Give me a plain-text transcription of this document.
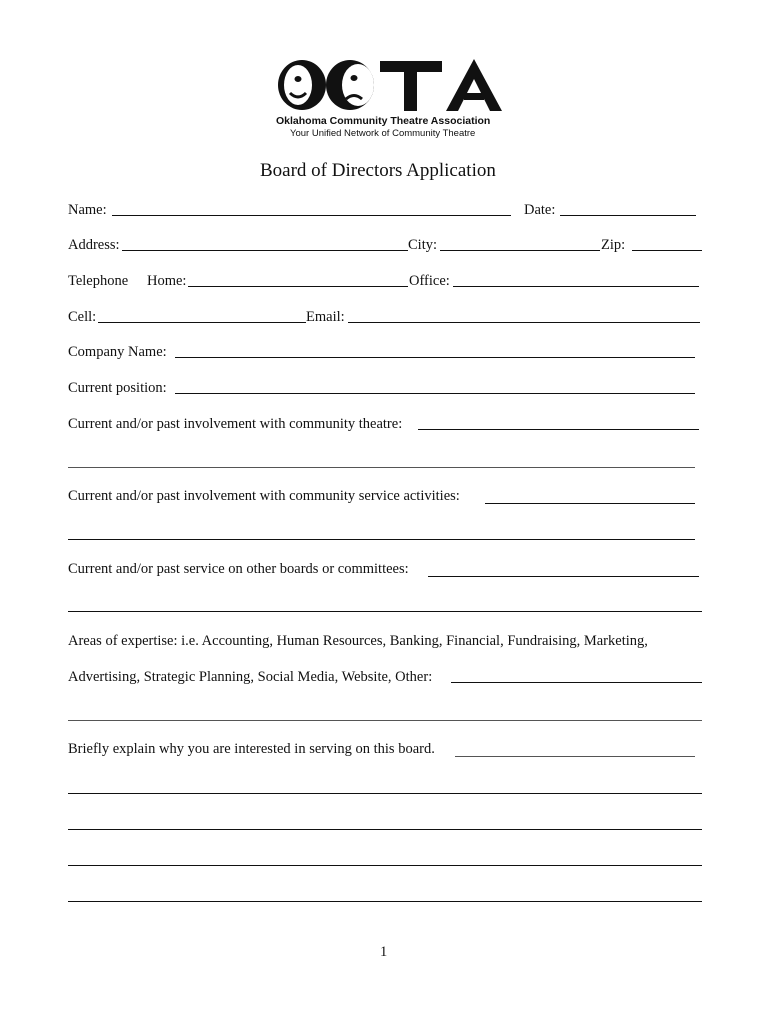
Oklahoma Community Theatre Association
Your Unified Network of Community Theatre
Board of Directors Application
Name:	Date:
Address:	City:	Zip:
Telephone Home:	Office:
Cell:	Email:
Company Name:
Current position:
Current and/or past involvement with community theatre:
Current and/or past involvement with community service activities:
Current and/or past service on other boards or committees:
Areas of expertise: i.e. Accounting, Human Resources, Banking, Financial, Fundraising, Marketing,
Advertising, Strategic Planning, Social Media, Website, Other:
Briefly explain why you are interested in serving on this board.
1
